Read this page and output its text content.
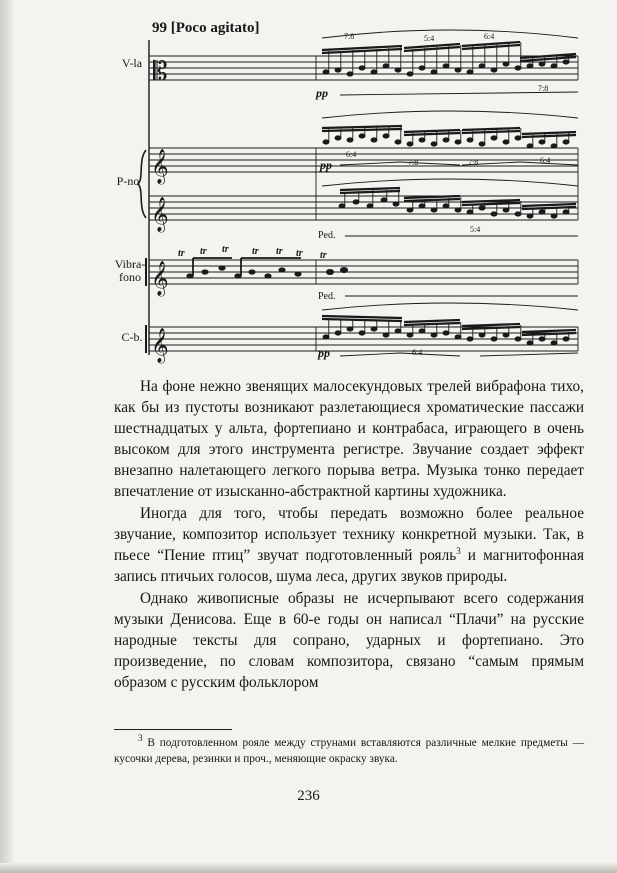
99 [Poco agitato]
V-la
P-no
Vibra-
fono
C-b.
𝄡
𝄞
𝄞
𝄞
𝄞
7:8	5:4	6:4
7:8
6:4
7:8	7:8	6:4
5:4
6:4
pp
pp
pp
Ped.
Ped.
tr tr tr tr tr tr tr

На фоне нежно звенящих малосекундовых трелей вибрафона тихо, как бы из пустоты возникают разлетающиеся хроматические пассажи шестнадцатых у альта, фортепиано и контрабаса, играющего в очень высоком для этого инструмента регистре. Звучание создает эффект внезапно налетающего легкого порыва ветра. Музыка тонко передает впечатление от изысканно-абстрактной картины художника.

Иногда для того, чтобы передать возможно более реальное звучание, композитор использует технику конкретной музыки. Так, в пьесе “Пение птиц” звучат подготовленный рояль$^3$ и магнитофонная запись птичьих голосов, шума леса, других звуков природы.

Однако живописные образы не исчерпывают всего содержания музыки Денисова. Еще в 60-е годы он написал “Плачи” на русские народные тексты для сопрано, ударных и фортепиано. Это произведение, по словам композитора, связано “самым прямым образом с русским фольклором

$^3$ В подготовленном рояле между струнами вставляются различные мелкие предметы — кусочки дерева, резинки и проч., меняющие окраску звука.

236
